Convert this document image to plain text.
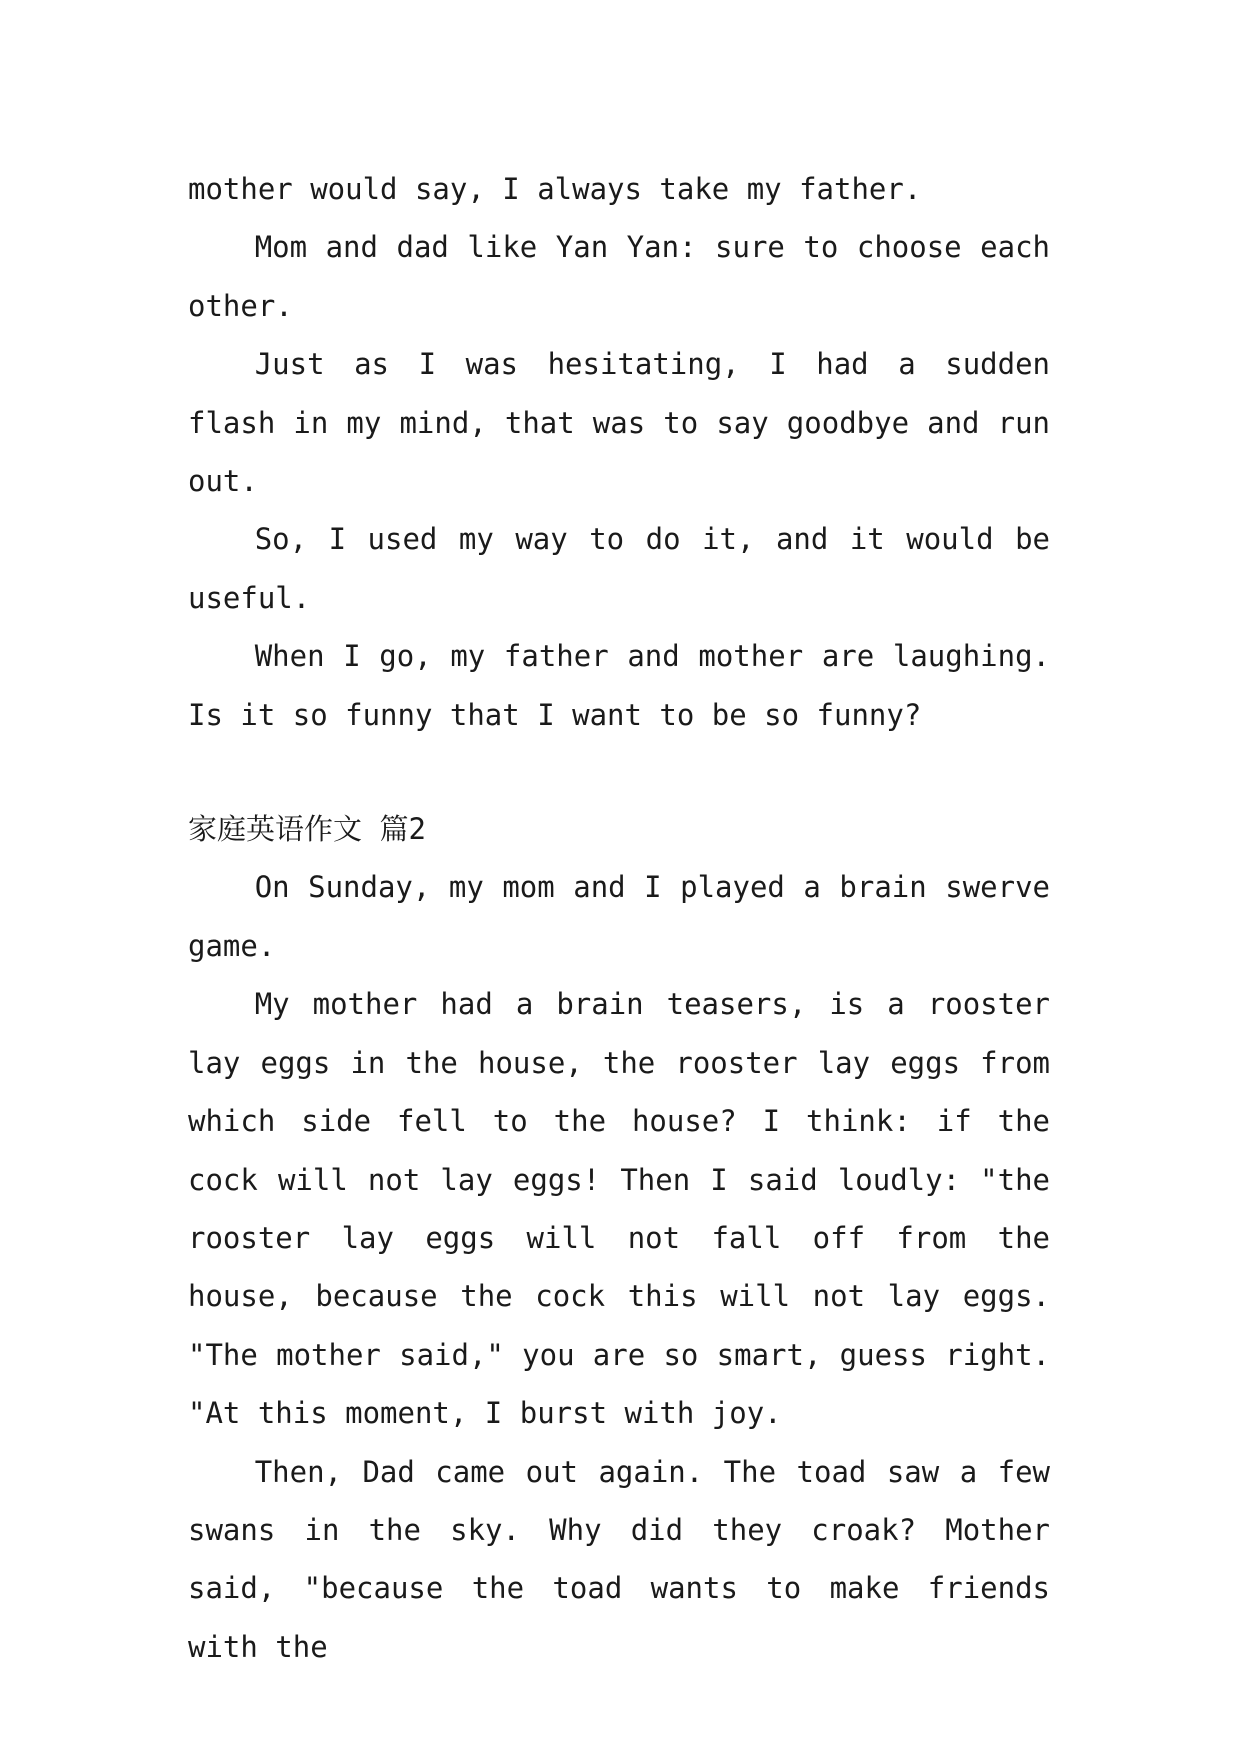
mother would say, I always take my father.

Mom and dad like Yan Yan: sure to choose each other.

Just as I was hesitating, I had a sudden flash in my mind, that was to say goodbye and run out.

So, I used my way to do it, and it would be useful.

When I go, my father and mother are laughing. Is it so funny that I want to be so funny?

家庭英语作文 篇2

On Sunday, my mom and I played a brain swerve game.

My mother had a brain teasers, is a rooster lay eggs in the house, the rooster lay eggs from which side fell to the house? I think: if the cock will not lay eggs! Then I said loudly: "the rooster lay eggs will not fall off from the house, because the cock this will not lay eggs. "The mother said," you are so smart, guess right. "At this moment, I burst with joy.

Then, Dad came out again. The toad saw a few swans in the sky. Why did they croak? Mother said, "because the toad wants to make friends with the
